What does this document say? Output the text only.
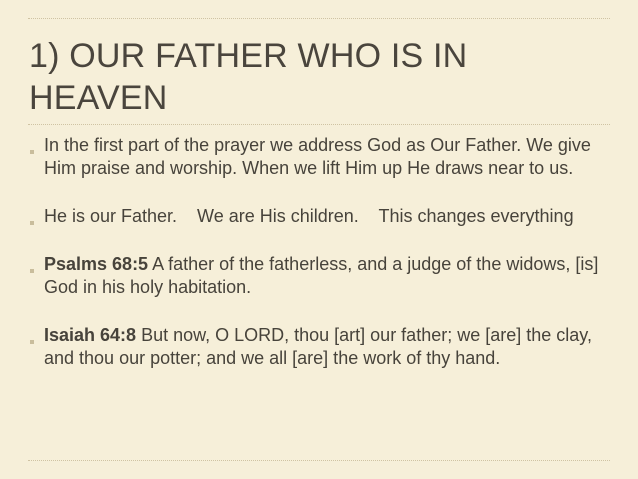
1) OUR FATHER WHO IS IN HEAVEN
In the first part of the prayer we address God as Our Father. We give Him praise and worship. When we lift Him up He draws near to us.
He is our Father.    We are His children.    This changes everything
Psalms 68:5 A father of the fatherless, and a judge of the widows, [is] God in his holy habitation.
Isaiah 64:8 But now, O LORD, thou [art] our father; we [are] the clay, and thou our potter; and we all [are] the work of thy hand.
